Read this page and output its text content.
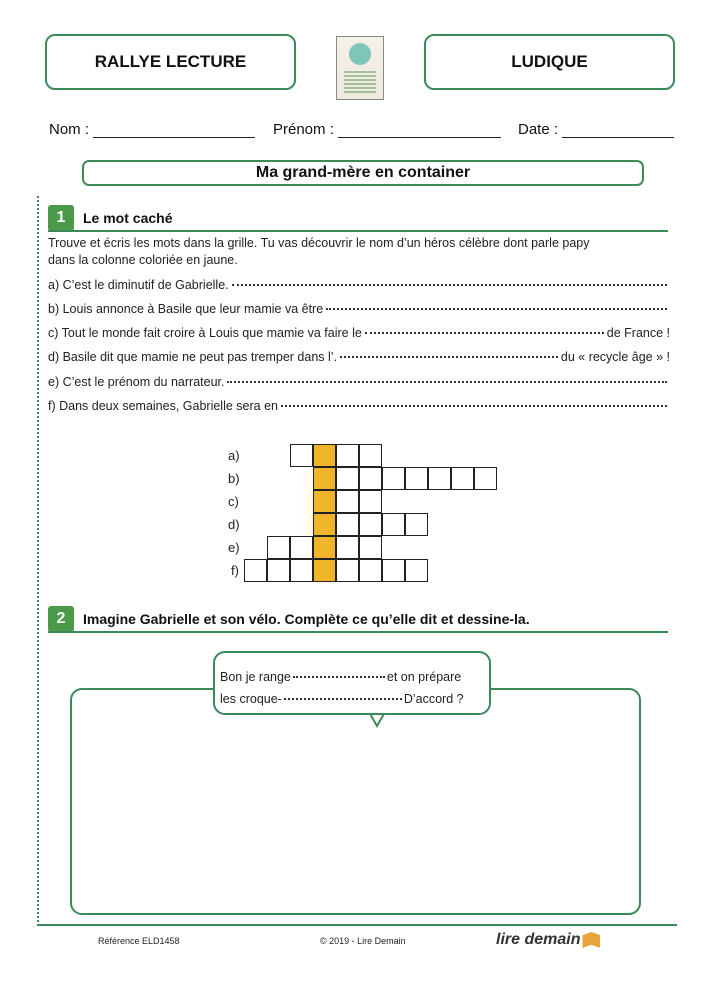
RALLYE LECTURE	LUDIQUE
Nom :	Prénom :	Date :
Ma grand-mère en container
1	Le mot caché
Trouve et écris les mots dans la grille. Tu vas découvrir le nom d’un héros célèbre dont parle papy
dans la colonne coloriée en jaune.
a) C’est le diminutif de Gabrielle.
b) Louis annonce à Basile que leur mamie va être
c) Tout le monde fait croire à Louis que mamie va faire le	de France !
d) Basile dit que mamie ne peut pas tremper dans l’.	du « recycle âge » !
e) C’est le prénom du narrateur.
f) Dans deux semaines, Gabrielle sera en
a)
b)
c)
d)
e)
f)
2	Imagine Gabrielle et son vélo. Complète ce qu’elle dit et dessine-la.
Bon je range	et on prépare
les croque-	D’accord ?
Référence ELD1458	© 2019 - Lire Demain	lire demain
